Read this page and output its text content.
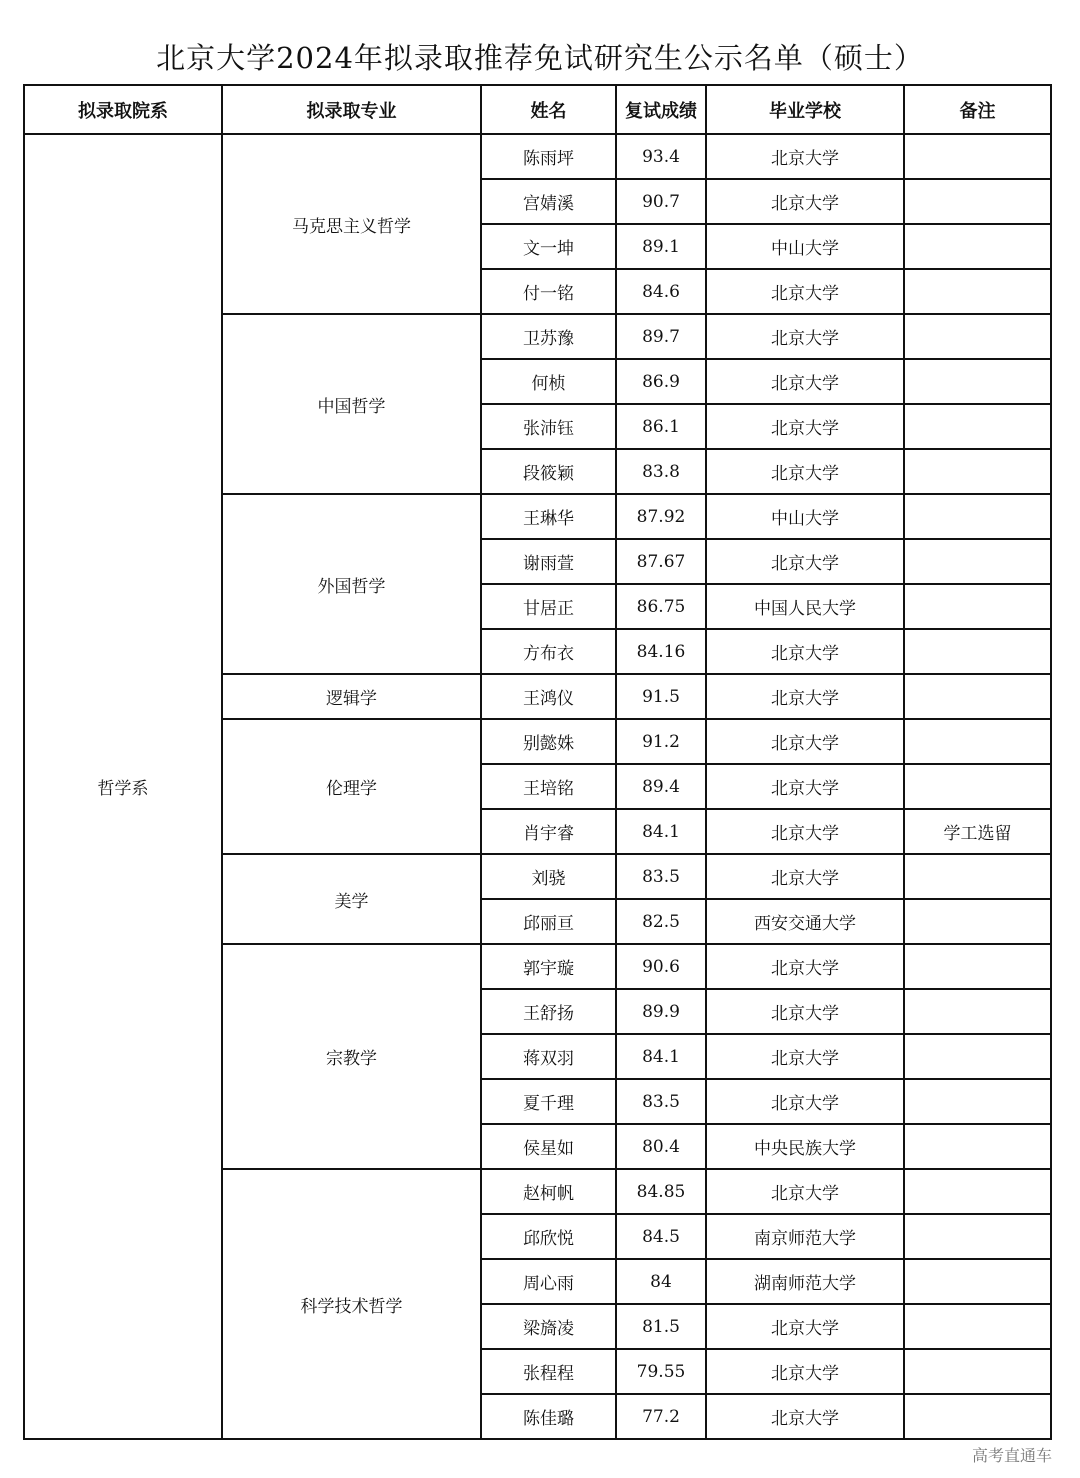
北京大学2024年拟录取推荐免试研究生公示名单（硕士）
拟录取院系	拟录取专业	姓名	复试成绩	毕业学校	备注
哲学系	马克思主义哲学	陈雨坪	93.4	北京大学	
		宫婧溪	90.7	北京大学	
		文一坤	89.1	中山大学	
		付一铭	84.6	北京大学	
	中国哲学	卫苏豫	89.7	北京大学	
		何桢	86.9	北京大学	
		张沛钰	86.1	北京大学	
		段筱颖	83.8	北京大学	
	外国哲学	王琳华	87.92	中山大学	
		谢雨萱	87.67	北京大学	
		甘居正	86.75	中国人民大学	
		方布衣	84.16	北京大学	
	逻辑学	王鸿仪	91.5	北京大学	
	伦理学	别懿姝	91.2	北京大学	
		王培铭	89.4	北京大学	
		肖宇睿	84.1	北京大学	学工选留
	美学	刘骁	83.5	北京大学	
		邱丽亘	82.5	西安交通大学	
	宗教学	郭宇璇	90.6	北京大学	
		王舒扬	89.9	北京大学	
		蒋双羽	84.1	北京大学	
		夏千理	83.5	北京大学	
		侯星如	80.4	中央民族大学	
	科学技术哲学	赵柯帆	84.85	北京大学	
		邱欣悦	84.5	南京师范大学	
		周心雨	84	湖南师范大学	
		梁旖凌	81.5	北京大学	
		张程程	79.55	北京大学	
		陈佳璐	77.2	北京大学	
高考直通车
